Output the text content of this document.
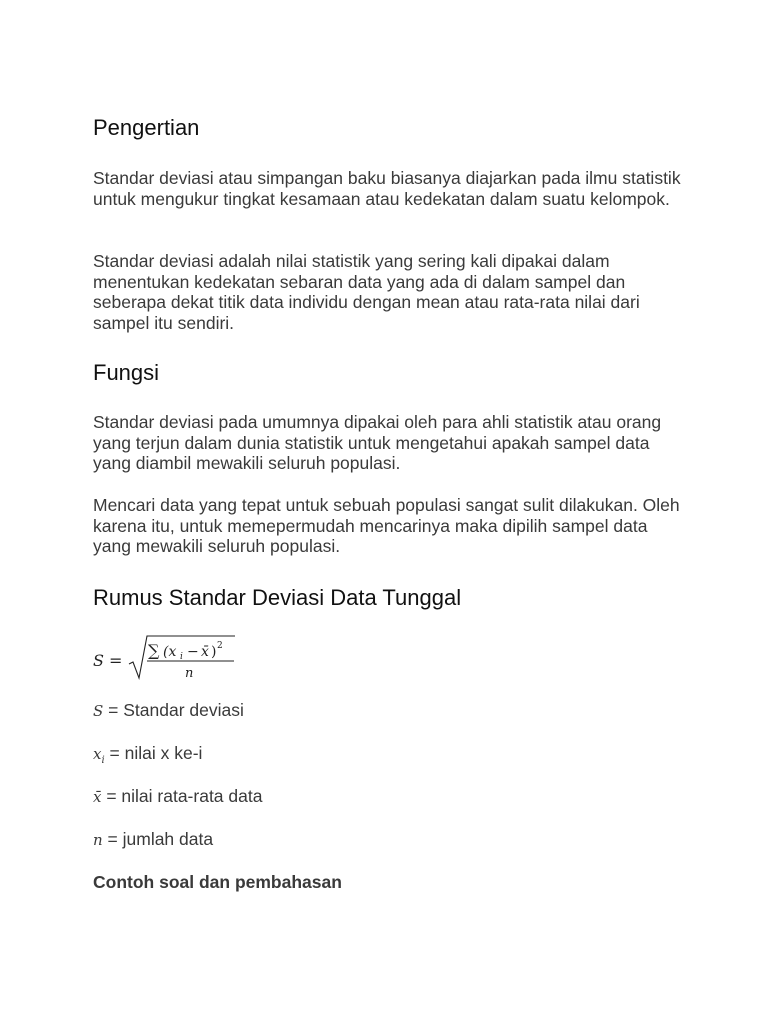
Pengertian

Standar deviasi atau simpangan baku biasanya diajarkan pada ilmu statistik untuk mengukur tingkat kesamaan atau kedekatan dalam suatu kelompok.

Standar deviasi adalah nilai statistik yang sering kali dipakai dalam menentukan kedekatan sebaran data yang ada di dalam sampel dan seberapa dekat titik data individu dengan mean atau rata-rata nilai dari sampel itu sendiri.

Fungsi

Standar deviasi pada umumnya dipakai oleh para ahli statistik atau orang yang terjun dalam dunia statistik untuk mengetahui apakah sampel data yang diambil mewakili seluruh populasi.

Mencari data yang tepat untuk sebuah populasi sangat sulit dilakukan. Oleh karena itu, untuk memepermudah mencarinya maka dipilih sampel data yang mewakili seluruh populasi.

Rumus Standar Deviasi Data Tunggal
S =
∑ (x i − x̄ ) 2
n
S = Standar deviasi
$x_i$ = nilai x ke-i
x̄ = nilai rata-rata data
n = jumlah data
Contoh soal dan pembahasan
